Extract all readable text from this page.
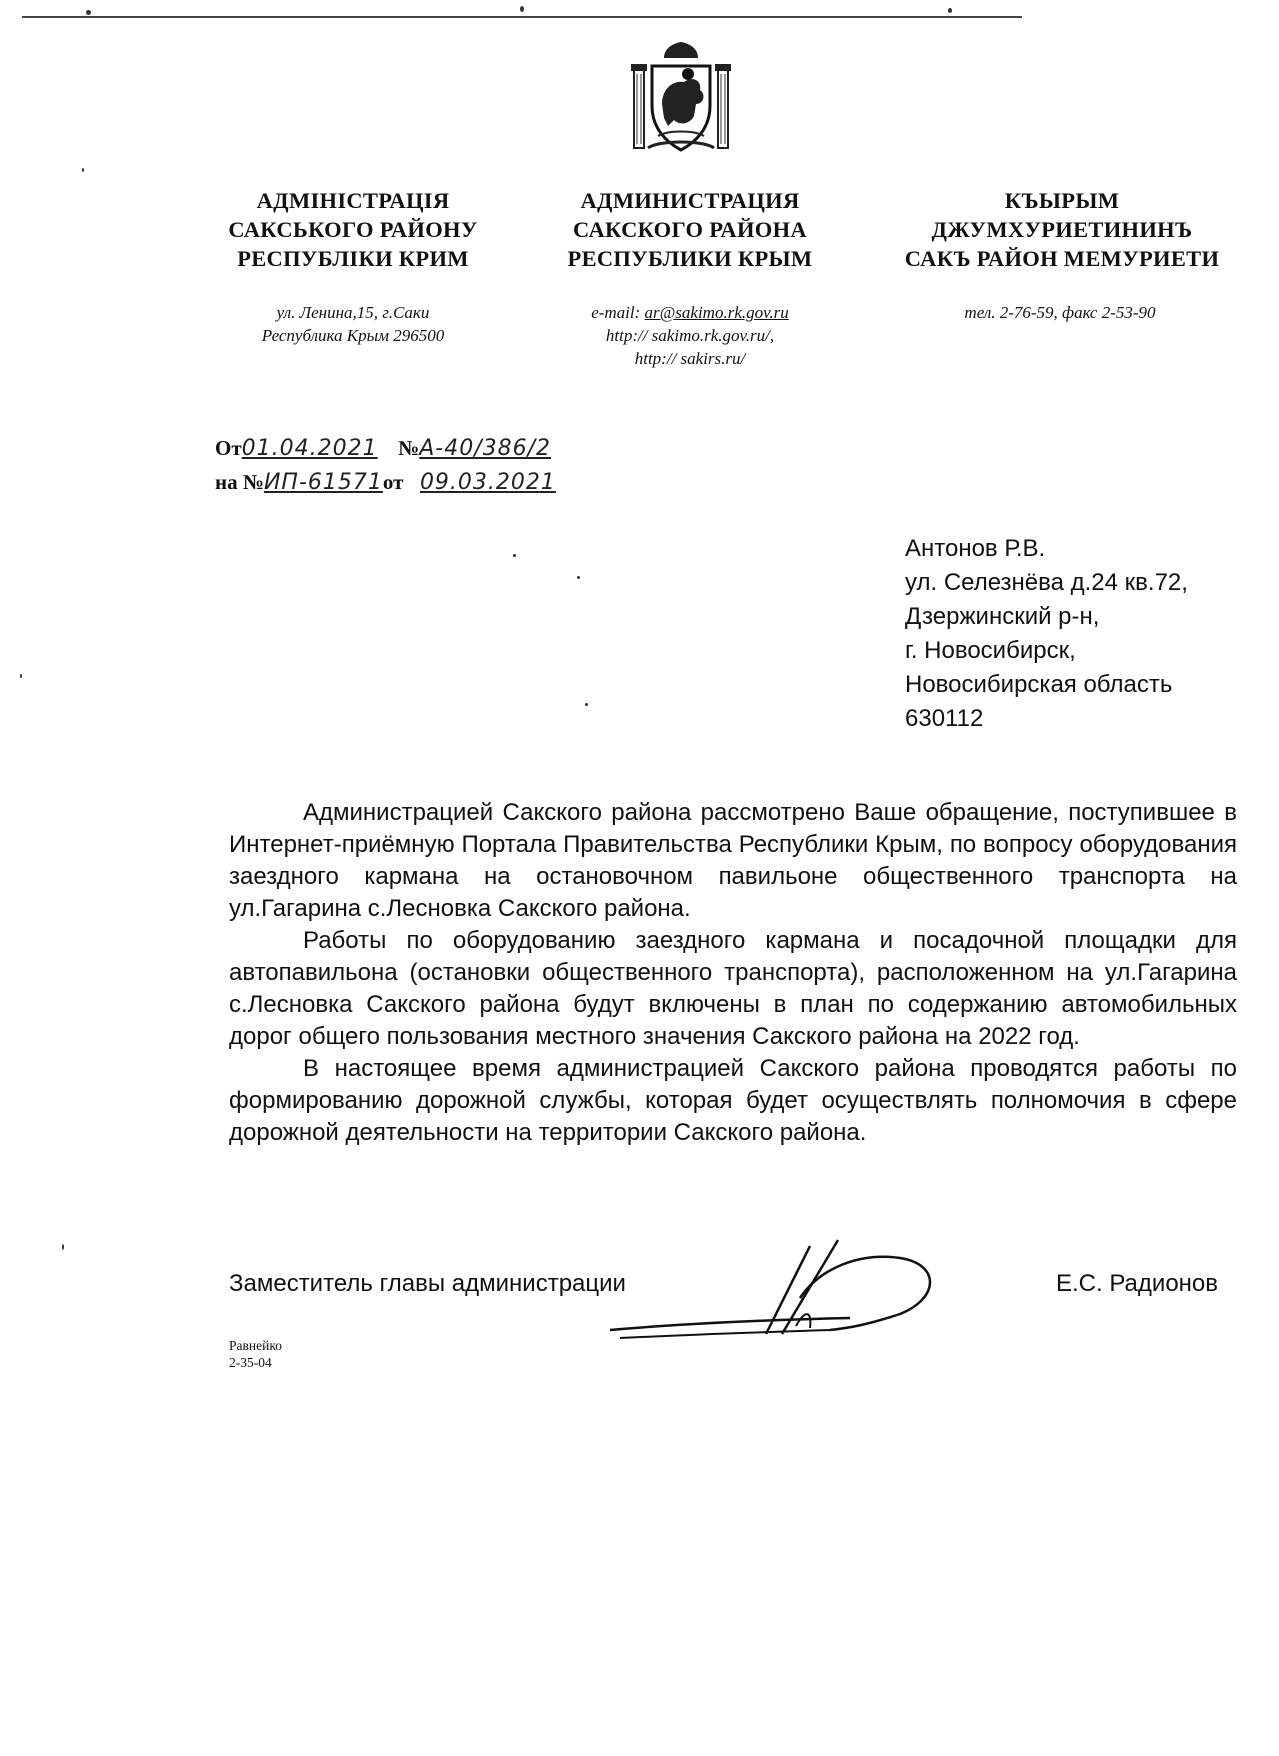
АДМІНІСТРАЦІЯ
САКСЬКОГО РАЙОНУ
РЕСПУБЛІКИ КРИМ
АДМИНИСТРАЦИЯ
САКСКОГО РАЙОНА
РЕСПУБЛИКИ КРЫМ
КЪЫРЫМ
ДЖУМХУРИЕТИНИНЪ
САКЪ РАЙОН МЕМУРИЕТИ
ул. Ленина,15, г.Саки
Республика Крым 296500
e-mail: ar@sakimo.rk.gov.ru
http:// sakimo.rk.gov.ru/,
http:// sakirs.ru/
тел. 2-76-59, факс 2-53-90
От01.04.2021 №А-40/386/2
на №ИП-61571от 09.03.2021
Антонов Р.В.
ул. Селезнёва д.24 кв.72,
Дзержинский р-н,
г. Новосибирск,
Новосибирская область
630112

Администрацией Сакского района рассмотрено Ваше обращение, поступившее в Интернет-приёмную Портала Правительства Республики Крым, по вопросу оборудования заездного кармана на остановочном павильоне общественного транспорта на ул.Гагарина с.Лесновка Сакского района.

Работы по оборудованию заездного кармана и посадочной площадки для автопавильона (остановки общественного транспорта), расположенном на ул.Гагарина с.Лесновка Сакского района будут включены в план по содержанию автомобильных дорог общего пользования местного значения Сакского района на 2022 год.

В настоящее время администрацией Сакского района проводятся работы по формированию дорожной службы, которая будет осуществлять полномочия в сфере дорожной деятельности на территории Сакского района.

Заместитель главы администрации	Е.С. Радионов
Равнейко
2-35-04
